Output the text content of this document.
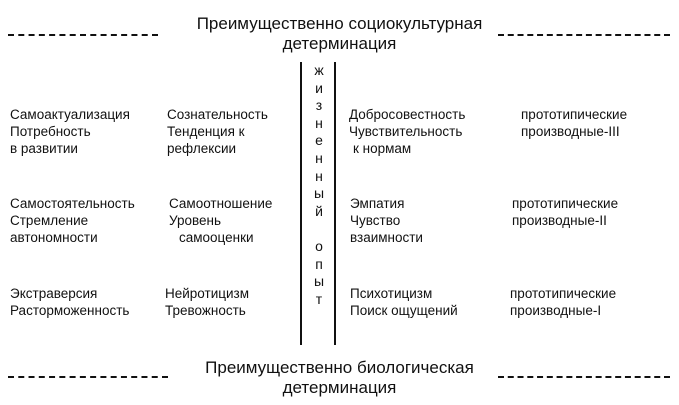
Преимущественно социокультурная
детерминация
ж
и
з
н
е
н
н
ы
й

о
п
ы
т
Самоактуализация
Потребность
в развитии
Сознательность
Тенденция к
рефлексии
Добросовестность
Чувствительность
к нормам
прототипические
производные-III
Самостоятельность
Стремление
автономности
Самоотношение
Уровень
самооценки
Эмпатия
Чувство
взаимности
прототипические
производные-II
Экстраверсия
Расторможенность
Нейротицизм
Тревожность
Психотицизм
Поиск ощущений
прототипические
производные-I
Преимущественно биологическая
детерминация
